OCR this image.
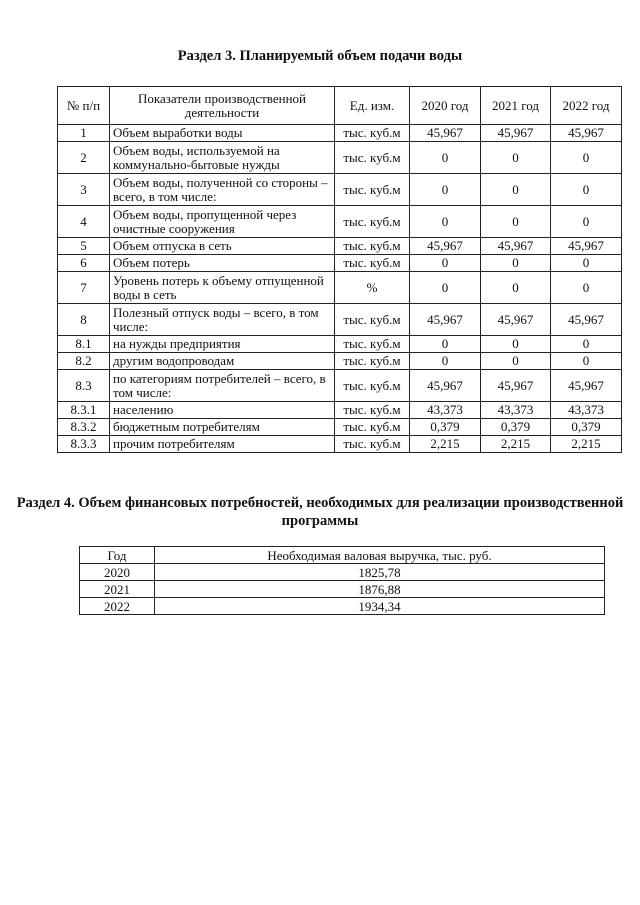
Раздел 3. Планируемый объем подачи воды
№ п/п	Показатели производственной деятельности	Ед. изм.	2020 год	2021 год	2022 год
1	Объем выработки воды	тыс. куб.м	45,967	45,967	45,967
2	Объем воды, используемой на коммунально-бытовые нужды	тыс. куб.м	0	0	0
3	Объем воды, полученной со стороны – всего, в том числе:	тыс. куб.м	0	0	0
4	Объем воды, пропущенной через очистные сооружения	тыс. куб.м	0	0	0
5	Объем отпуска в сеть	тыс. куб.м	45,967	45,967	45,967
6	Объем потерь	тыс. куб.м	0	0	0
7	Уровень потерь к объему отпущенной воды в сеть	%	0	0	0
8	Полезный отпуск воды – всего, в том числе:	тыс. куб.м	45,967	45,967	45,967
8.1	на нужды предприятия	тыс. куб.м	0	0	0
8.2	другим водопроводам	тыс. куб.м	0	0	0
8.3	по категориям потребителей – всего, в том числе:	тыс. куб.м	45,967	45,967	45,967
8.3.1	населению	тыс. куб.м	43,373	43,373	43,373
8.3.2	бюджетным потребителям	тыс. куб.м	0,379	0,379	0,379
8.3.3	прочим потребителям	тыс. куб.м	2,215	2,215	2,215
Раздел 4. Объем финансовых потребностей, необходимых для реализации производственной программы
Год	Необходимая валовая выручка, тыс. руб.
2020	1825,78
2021	1876,88
2022	1934,34
